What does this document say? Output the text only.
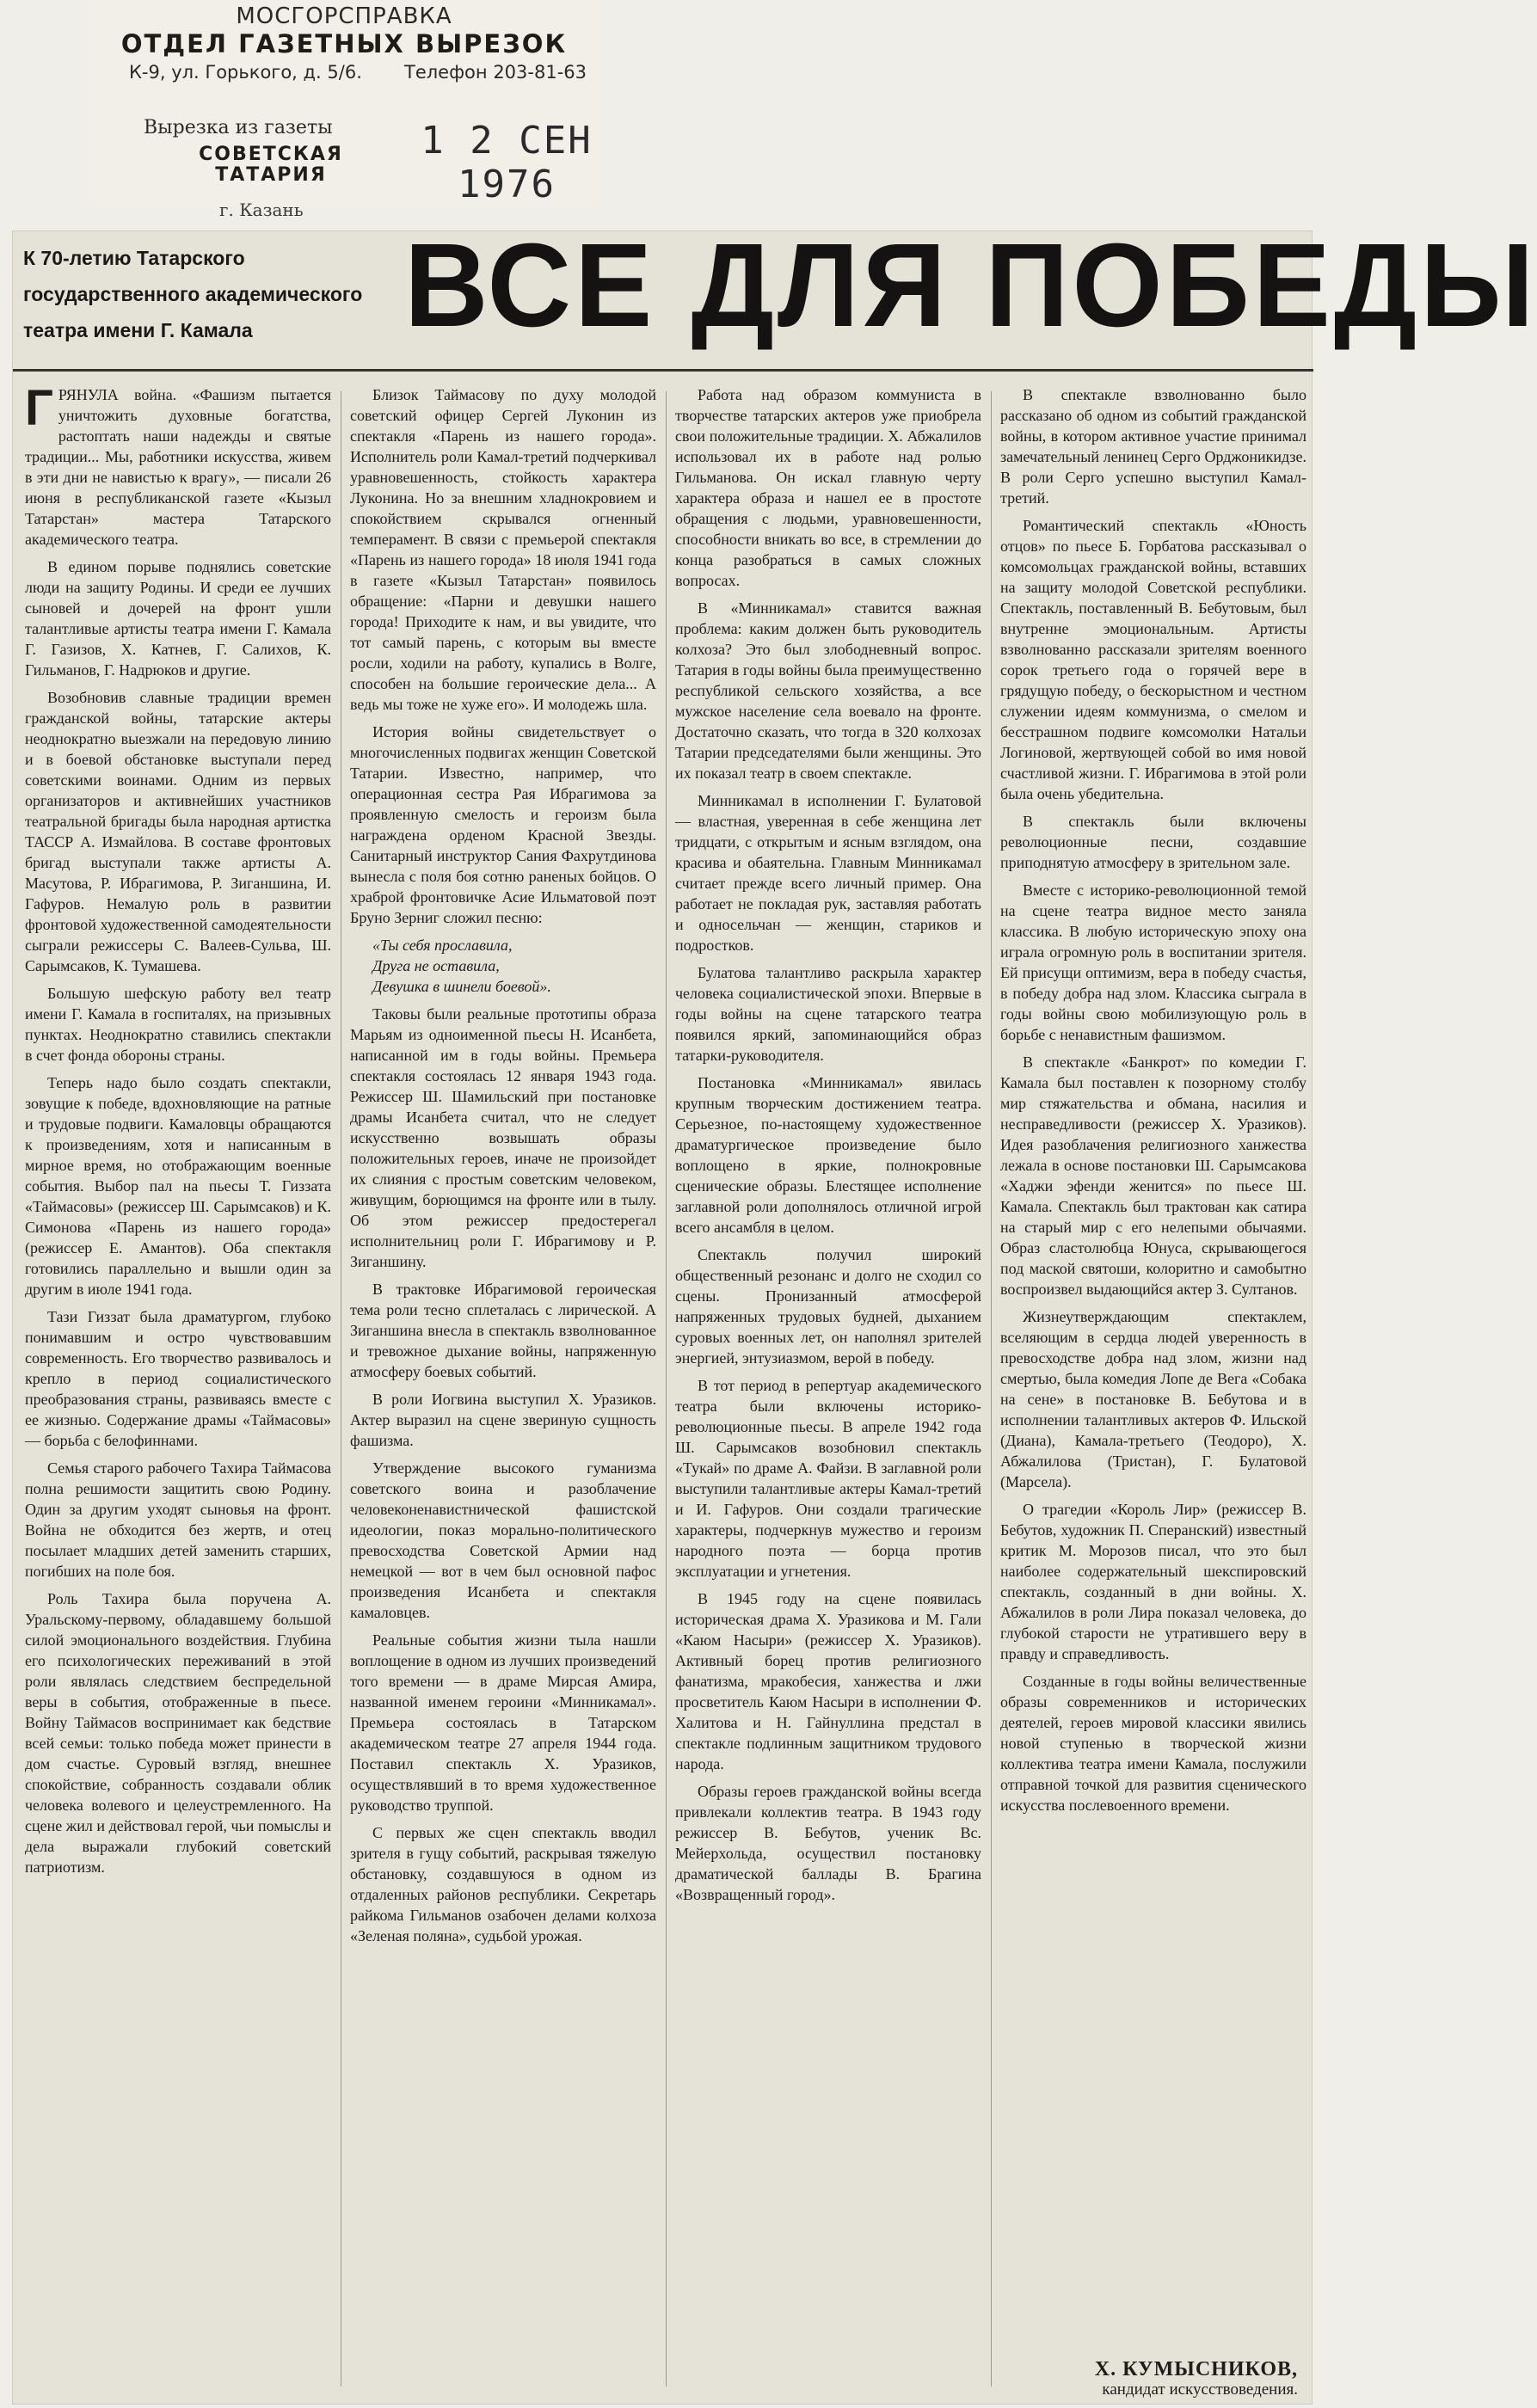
МОСГОРСПРАВКА
ОТДЕЛ ГАЗЕТНЫХ ВЫРЕЗОК
К-9, ул. Горького, д. 5/6. Телефон 203-81-63
Вырезка из газеты
СОВЕТСКАЯ
ТАТАРИЯ
1 2 СЕН 1976
г. Казань
К 70-летию Татарского государственного академического театра имени Г. Камала	ВСЕ ДЛЯ ПОБЕДЫ

ГРЯНУЛА война. «Фашизм пытается уничтожить духовные богатства, растоптать наши надежды и святые традиции... Мы, работники искусства, живем в эти дни не навистью к врагу», — писали 26 июня в республиканской газете «Кызыл Татарстан» мастера Татарского академического театра.

В едином порыве поднялись советские люди на защиту Родины. И среди ее лучших сыновей и дочерей на фронт ушли талантливые артисты театра имени Г. Камала Г. Газизов, Х. Катнев, Г. Салихов, К. Гильманов, Г. Надрюков и другие.

Возобновив славные традиции времен гражданской войны, татарские актеры неоднократно выезжали на передовую линию и в боевой обстановке выступали перед советскими воинами. Одним из первых организаторов и активнейших участников театральной бригады была народная артистка ТАССР А. Измайлова. В составе фронтовых бригад выступали также артисты А. Масутова, Р. Ибрагимова, Р. Зиганшина, И. Гафуров. Немалую роль в развитии фронтовой художественной самодеятельности сыграли режиссеры С. Валеев-Сульва, Ш. Сарымсаков, К. Тумашева.

Большую шефскую работу вел театр имени Г. Камала в госпиталях, на призывных пунктах. Неоднократно ставились спектакли в счет фонда обороны страны.

Теперь надо было создать спектакли, зовущие к победе, вдохновляющие на ратные и трудовые подвиги. Камаловцы обращаются к произведениям, хотя и написанным в мирное время, но отображающим военные события. Выбор пал на пьесы Т. Гиззата «Таймасовы» (режиссер Ш. Сарымсаков) и К. Симонова «Парень из нашего города» (режиссер Е. Амантов). Оба спектакля готовились параллельно и вышли один за другим в июле 1941 года.

Тази Гиззат была драматургом, глубоко понимавшим и остро чувствовавшим современность. Его творчество развивалось и крепло в период социалистического преобразования страны, развиваясь вместе с ее жизнью. Содержание драмы «Таймасовы» — борьба с белофиннами.

Семья старого рабочего Тахира Таймасова полна решимости защитить свою Родину. Один за другим уходят сыновья на фронт. Война не обходится без жертв, и отец посылает младших детей заменить старших, погибших на поле боя.

Роль Тахира была поручена А. Уральскому-первому, обладавшему большой силой эмоционального воздействия. Глубина его психологических переживаний в этой роли являлась следствием беспредельной веры в события, отображенные в пьесе. Войну Таймасов воспринимает как бедствие всей семьи: только победа может принести в дом счастье. Суровый взгляд, внешнее спокойствие, собранность создавали облик человека волевого и целеустремленного. На сцене жил и действовал герой, чьи помыслы и дела выражали глубокий советский патриотизм.

Близок Таймасову по духу молодой советский офицер Сергей Луконин из спектакля «Парень из нашего города». Исполнитель роли Камал-третий подчеркивал уравновешенность, стойкость характера Луконина. Но за внешним хладнокровием и спокойствием скрывался огненный темперамент. В связи с премьерой спектакля «Парень из нашего города» 18 июля 1941 года в газете «Кызыл Татарстан» появилось обращение: «Парни и девушки нашего города! Приходите к нам, и вы увидите, что тот самый парень, с которым вы вместе росли, ходили на работу, купались в Волге, способен на большие героические дела... А ведь мы тоже не хуже его». И молодежь шла.

История войны свидетельствует о многочисленных подвигах женщин Советской Татарии. Известно, например, что операционная сестра Рая Ибрагимова за проявленную смелость и героизм была награждена орденом Красной Звезды. Санитарный инструктор Сания Фахрутдинова вынесла с поля боя сотню раненых бойцов. О храброй фронтовичке Асие Ильматовой поэт Бруно Зерниг сложил песню:

«Ты себя прославила,

Друга не оставила,

Девушка в шинели боевой».

Таковы были реальные прототипы образа Марьям из одноименной пьесы Н. Исанбета, написанной им в годы войны. Премьера спектакля состоялась 12 января 1943 года. Режиссер Ш. Шамильский при постановке драмы Исанбета считал, что не следует искусственно возвышать образы положительных героев, иначе не произойдет их слияния с простым советским человеком, живущим, борющимся на фронте или в тылу. Об этом режиссер предостерегал исполнительниц роли Г. Ибрагимову и Р. Зиганшину.

В трактовке Ибрагимовой героическая тема роли тесно сплеталась с лирической. А Зиганшина внесла в спектакль взволнованное и тревожное дыхание войны, напряженную атмосферу боевых событий.

В роли Иогвина выступил Х. Уразиков. Актер выразил на сцене звериную сущность фашизма.

Утверждение высокого гуманизма советского воина и разоблачение человеконенавистнической фашистской идеологии, показ морально-политического превосходства Советской Армии над немецкой — вот в чем был основной пафос произведения Исанбета и спектакля камаловцев.

Реальные события жизни тыла нашли воплощение в одном из лучших произведений того времени — в драме Мирсая Амира, названной именем героини «Минникамал». Премьера состоялась в Татарском академическом театре 27 апреля 1944 года. Поставил спектакль Х. Уразиков, осуществлявший в то время художественное руководство труппой.

С первых же сцен спектакль вводил зрителя в гущу событий, раскрывая тяжелую обстановку, создавшуюся в одном из отдаленных районов республики. Секретарь райкома Гильманов озабочен делами колхоза «Зеленая поляна», судьбой урожая.

Работа над образом коммуниста в творчестве татарских актеров уже приобрела свои положительные традиции. Х. Абжалилов использовал их в работе над ролью Гильманова. Он искал главную черту характера образа и нашел ее в простоте обращения с людьми, уравновешенности, способности вникать во все, в стремлении до конца разобраться в самых сложных вопросах.

В «Минникамал» ставится важная проблема: каким должен быть руководитель колхоза? Это был злободневный вопрос. Татария в годы войны была преимущественно республикой сельского хозяйства, а все мужское население села воевало на фронте. Достаточно сказать, что тогда в 320 колхозах Татарии председателями были женщины. Это их показал театр в своем спектакле.

Минникамал в исполнении Г. Булатовой — властная, уверенная в себе женщина лет тридцати, с открытым и ясным взглядом, она красива и обаятельна. Главным Минникамал считает прежде всего личный пример. Она работает не покладая рук, заставляя работать и односельчан — женщин, стариков и подростков.

Булатова талантливо раскрыла характер человека социалистической эпохи. Впервые в годы войны на сцене татарского театра появился яркий, запоминающийся образ татарки-руководителя.

Постановка «Минникамал» явилась крупным творческим достижением театра. Серьезное, по-настоящему художественное драматургическое произведение было воплощено в яркие, полнокровные сценические образы. Блестящее исполнение заглавной роли дополнялось отличной игрой всего ансамбля в целом.

Спектакль получил широкий общественный резонанс и долго не сходил со сцены. Пронизанный атмосферой напряженных трудовых будней, дыханием суровых военных лет, он наполнял зрителей энергией, энтузиазмом, верой в победу.

В тот период в репертуар академического театра были включены историко-революционные пьесы. В апреле 1942 года Ш. Сарымсаков возобновил спектакль «Тукай» по драме А. Файзи. В заглавной роли выступили талантливые актеры Камал-третий и И. Гафуров. Они создали трагические характеры, подчеркнув мужество и героизм народного поэта — борца против эксплуатации и угнетения.

В 1945 году на сцене появилась историческая драма Х. Уразикова и М. Гали «Каюм Насыри» (режиссер Х. Уразиков). Активный борец против религиозного фанатизма, мракобесия, ханжества и лжи просветитель Каюм Насыри в исполнении Ф. Халитова и Н. Гайнуллина предстал в спектакле подлинным защитником трудового народа.

Образы героев гражданской войны всегда привлекали коллектив театра. В 1943 году режиссер В. Бебутов, ученик Вс. Мейерхольда, осуществил постановку драматической баллады В. Брагина «Возвращенный город».

В спектакле взволнованно было рассказано об одном из событий гражданской войны, в котором активное участие принимал замечательный ленинец Серго Орджоникидзе. В роли Серго успешно выступил Камал-третий.

Романтический спектакль «Юность отцов» по пьесе Б. Горбатова рассказывал о комсомольцах гражданской войны, вставших на защиту молодой Советской республики. Спектакль, поставленный В. Бебутовым, был внутренне эмоциональным. Артисты взволнованно рассказали зрителям военного сорок третьего года о горячей вере в грядущую победу, о бескорыстном и честном служении идеям коммунизма, о смелом и бесстрашном подвиге комсомолки Натальи Логиновой, жертвующей собой во имя новой счастливой жизни. Г. Ибрагимова в этой роли была очень убедительна.

В спектакль были включены революционные песни, создавшие приподнятую атмосферу в зрительном зале.

Вместе с историко-революционной темой на сцене театра видное место заняла классика. В любую историческую эпоху она играла огромную роль в воспитании зрителя. Ей присущи оптимизм, вера в победу счастья, в победу добра над злом. Классика сыграла в годы войны свою мобилизующую роль в борьбе с ненавистным фашизмом.

В спектакле «Банкрот» по комедии Г. Камала был поставлен к позорному столбу мир стяжательства и обмана, насилия и несправедливости (режиссер Х. Уразиков). Идея разоблачения религиозного ханжества лежала в основе постановки Ш. Сарымсакова «Хаджи эфенди женится» по пьесе Ш. Камала. Спектакль был трактован как сатира на старый мир с его нелепыми обычаями. Образ сластолюбца Юнуса, скрывающегося под маской святоши, колоритно и самобытно воспроизвел выдающийся актер З. Султанов.

Жизнеутверждающим спектаклем, вселяющим в сердца людей уверенность в превосходстве добра над злом, жизни над смертью, была комедия Лопе де Вега «Собака на сене» в постановке В. Бебутова и в исполнении талантливых актеров Ф. Ильской (Диана), Камала-третьего (Теодоро), Х. Абжалилова (Тристан), Г. Булатовой (Марсела).

О трагедии «Король Лир» (режиссер В. Бебутов, художник П. Сперанский) известный критик М. Морозов писал, что это был наиболее содержательный шекспировский спектакль, созданный в дни войны. Х. Абжалилов в роли Лира показал человека, до глубокой старости не утратившего веру в правду и справедливость.

Созданные в годы войны величественные образы современников и исторических деятелей, героев мировой классики явились новой ступенью в творческой жизни коллектива театра имени Камала, послужили отправной точкой для развития сценического искусства послевоенного времени.

Х. КУМЫСНИКОВ,
кандидат искусствоведения.
